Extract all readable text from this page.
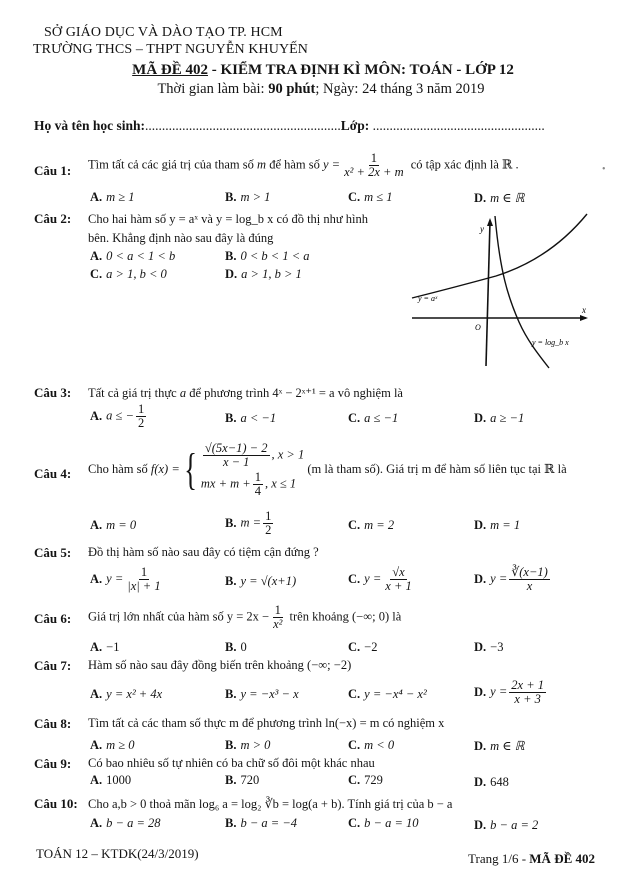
SỞ GIÁO DỤC VÀ DÀO TẠO TP. HCM
TRƯỜNG THCS – THPT NGUYỄN KHUYẾN
MÃ ĐỀ 402 - KIỂM TRA ĐỊNH KÌ MÔN: TOÁN - LỚP 12
Thời gian làm bài: 90 phút; Ngày: 24 tháng 3 năm 2019
Họ và tên học sinh:..........................................................Lớp: ...................................................
Câu 1: Tìm tất cả các giá trị của tham số m để hàm số $y = \frac{1}{\text{x² + 2x + m}}$ có tập xác định là ℝ .	•
A. m ≥ 1	B. m > 1	C. m ≤ 1	D. m ∈ ℝ
Câu 2: Cho hai hàm số y = aˣ và y = log_b x có đồ thị như hình
bên. Khẳng định nào sau đây là đúng
A. 0 < a < 1 < b	B. 0 < b < 1 < a
C. a > 1, b < 0	D. a > 1, b > 1
y
x
O
y = aˣ
y = log_b x
Câu 3: Tất cả giá trị thực a để phương trình 4ˣ − 2ˣ⁺¹ = a vô nghiệm là
A. a ≤ − $\frac{1}{2}$	B. a < −1	C. a ≤ −1	D. a ≥ −1
Câu 4: Cho hàm số f(x) ={ $\frac{√(5x-1) - 2}{x - 1}$ , x > 1
mx + $m + \frac{1}{4}$ , x ≤ 1
(m là tham số). Giá trị m để hàm số liên tục tại ℝ là
A. m = 0	B. $m = \frac{1}{2}$	C. m = 2	D. m = 1
Câu 5: Đồ thị hàm số nào sau đây có tiệm cận đứng ?
A. $y = \frac{1}{|x| + 1}$	B. y = √(x+1)	C. $y = \frac{√x}{x + 1}$	D. $y = \frac{∛(x-1)}{x}$
Câu 6: Giá trị lớn nhất của hàm số $y = 2x - \frac{1}{\text{x²}}$ trên khoảng (−∞; 0) là
A. −1	B. 0	C. −2	D. −3
Câu 7: Hàm số nào sau đây đồng biến trên khoảng (−∞; −2)
A. y = x² + 4x	B. y = −x³ − x	C. y = −x⁴ − x²	D. $y = \frac{2x + 1}{x + 3}$
Câu 8: Tìm tất cả các tham số thực m để phương trình ln(−x) = m có nghiệm x
A. m ≥ 0	B. m > 0	C. m < 0	D. m ∈ ℝ
Câu 9: Có bao nhiêu số tự nhiên có ba chữ số đôi một khác nhau
A. 1000	B. 720	C. 729	D. 648
Câu 10: Cho a,b > 0 thoả mãn log₆ a = log₂ ∛b = log(a + b). Tính giá trị của b − a
A. b − a = 28	B. b − a = −4	C. b − a = 10	D. b − a = 2
TOÁN 12 – KTDK(24/3/2019)	Trang 1/6 - MÃ ĐỀ 402
